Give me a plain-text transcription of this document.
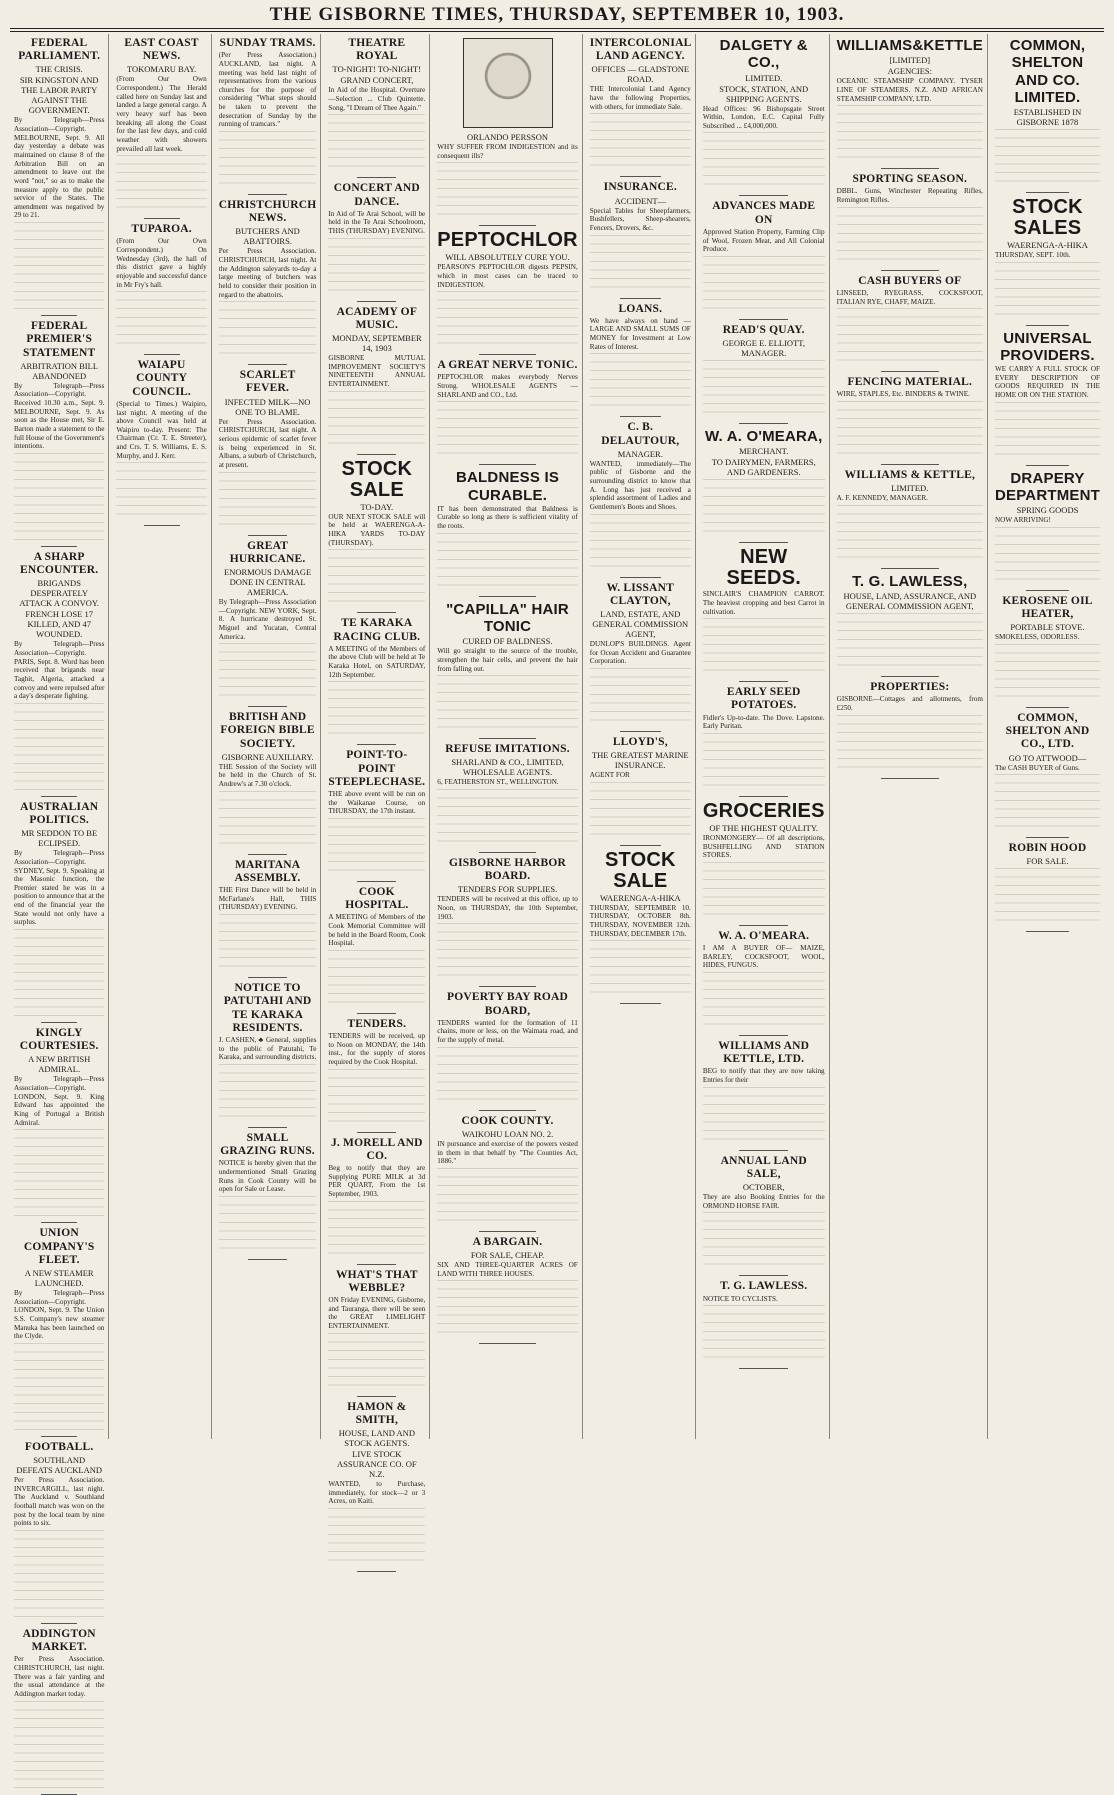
THE GISBORNE TIMES, THURSDAY, SEPTEMBER 10, 1903.
FEDERAL PARLIAMENT.
THE CRISIS.
SIR KINGSTON AND THE LABOR PARTY AGAINST THE GOVERNMENT.

By Telegraph—Press Association—Copyright. MELBOURNE, Sept. 9. All day yesterday a debate was maintained on clause 8 of the Arbitration Bill on an amendment to leave out the word "not," so as to make the measure apply to the public service of the States. The amendment was negatived by 29 to 21.

FEDERAL PREMIER'S STATEMENT
ARBITRATION BILL ABANDONED

By Telegraph—Press Association—Copyright. Received 10.30 a.m., Sept. 9. MELBOURNE, Sept. 9. As soon as the House met, Sir E. Barton made a statement to the full House of the Government's intentions.

A SHARP ENCOUNTER.
BRIGANDS DESPERATELY ATTACK A CONVOY.
FRENCH LOSE 17 KILLED, AND 47 WOUNDED.

By Telegraph—Press Association—Copyright. PARIS, Sept. 8. Word has been received that brigands near Taghit, Algeria, attacked a convoy and were repulsed after a day's desperate fighting.

AUSTRALIAN POLITICS.
MR SEDDON TO BE ECLIPSED.

By Telegraph—Press Association—Copyright. SYDNEY, Sept. 9. Speaking at the Masonic function, the Premier stated he was in a position to announce that at the end of the financial year the State would not only have a surplus.

KINGLY COURTESIES.
A NEW BRITISH ADMIRAL.

By Telegraph—Press Association—Copyright. LONDON, Sept. 9. King Edward has appointed the King of Portugal a British Admiral.

UNION COMPANY'S FLEET.
A NEW STEAMER LAUNCHED.

By Telegraph—Press Association—Copyright. LONDON, Sept. 9. The Union S.S. Company's new steamer Manuka has been launched on the Clyde.

FOOTBALL.
SOUTHLAND DEFEATS AUCKLAND

Per Press Association. INVERCARGILL, last night. The Auckland v. Southland football match was won on the post by the local team by nine points to six.

ADDINGTON MARKET.

Per Press Association. CHRISTCHURCH, last night. There was a fair yarding and the usual attendance at the Addington market today.

EAST COAST NEWS.
TOKOMARU BAY.

(From Our Own Correspondent.) The Herald called here on Sunday last and landed a large general cargo. A very heavy surf has been breaking all along the Coast for the last few days, and cold weather with showers prevailed all last week.

TUPAROA.

(From Our Own Correspondent.) On Wednesday (3rd), the hall of this district gave a highly enjoyable and successful dance in Mr Fry's hall.

WAIAPU COUNTY COUNCIL.

(Special to Times.) Waipiro, last night. A meeting of the above Council was held at Waipiro to-day. Present: The Chairman (Cr. T. E. Streeter), and Crs. T. S. Williams, E. S. Murphy, and J. Kerr.

SUNDAY TRAMS.

(Per Press Association.) AUCKLAND, last night. A meeting was held last night of representatives from the various churches for the purpose of considering "What steps should be taken to prevent the desecration of Sunday by the running of tramcars."

CHRISTCHURCH NEWS.
BUTCHERS AND ABATTOIRS.

Per Press Association. CHRISTCHURCH, last night. At the Addington saleyards to-day a large meeting of butchers was held to consider their position in regard to the abattoirs.

SCARLET FEVER.
INFECTED MILK—NO ONE TO BLAME.

Per Press Association. CHRISTCHURCH, last night. A serious epidemic of scarlet fever is being experienced in St. Albans, a suburb of Christchurch, at present.

GREAT HURRICANE.
ENORMOUS DAMAGE DONE IN CENTRAL AMERICA.

By Telegraph—Press Association—Copyright. NEW YORK, Sept. 8. A hurricane destroyed St. Miguel and Yucatan, Central America.

BRITISH AND FOREIGN BIBLE SOCIETY.
GISBORNE AUXILIARY.

THE Session of the Society will be held in the Church of St. Andrew's at 7.30 o'clock.

MARITANA ASSEMBLY.

THE First Dance will be held in McFarlane's Hall, THIS (THURSDAY) EVENING.

NOTICE TO PATUTAHI AND TE KARAKA RESIDENTS.

J. CASHEN, ♣ General, supplies to the public of Patutahi, Te Karaka, and surrounding districts.

SMALL GRAZING RUNS.

NOTICE is hereby given that the undermentioned Small Grazing Runs in Cook County will be open for Sale or Lease.

THEATRE ROYAL
TO-NIGHT! TO-NIGHT!
GRAND CONCERT,

In Aid of the Hospital. Overture—Selection ... Club Quintette. Song, "I Dream of Thee Again."

CONCERT AND DANCE.

In Aid of Te Arai School, will be held in the Te Arai Schoolroom, THIS (THURSDAY) EVENING.

ACADEMY OF MUSIC.
MONDAY, SEPTEMBER 14, 1903

GISBORNE MUTUAL IMPROVEMENT SOCIETY'S NINETEENTH ANNUAL ENTERTAINMENT.

STOCK SALE
TO-DAY.

OUR NEXT STOCK SALE will be held at WAERENGA-A-HIKA YARDS TO-DAY (THURSDAY).

TE KARAKA RACING CLUB.

A MEETING of the Members of the above Club will be held at Te Karaka Hotel, on SATURDAY, 12th September.

POINT-TO-POINT STEEPLECHASE.

THE above event will be run on the Waikanae Course, on THURSDAY, the 17th instant.

COOK HOSPITAL.

A MEETING of Members of the Cook Memorial Committee will be held in the Board Room, Cook Hospital.

TENDERS.

TENDERS will be received, up to Noon on MONDAY, the 14th inst., for the supply of stores required by the Cook Hospital.

J. MORELL AND CO.

Beg to notify that they are Supplying PURE MILK at 3d PER QUART, From the 1st September, 1903.

WHAT'S THAT WEBBLE?

ON Friday EVENING, Gisborne, and Tauranga, there will be seen the GREAT LIMELIGHT ENTERTAINMENT.

HAMON & SMITH,
HOUSE, LAND AND STOCK AGENTS.
LIVE STOCK ASSURANCE CO. OF N.Z.

WANTED, to Purchase, immediately, for stock—2 or 3 Acres, on Kaiti.

ORLANDO PERSSON

WHY SUFFER FROM INDIGESTION and its consequent ills?

PEPTOCHLOR
WILL ABSOLUTELY CURE YOU.

PEARSON'S PEPTOCHLOR digests PEPSIN, which in most cases can be traced to INDIGESTION.

A GREAT NERVE TONIC.

PEPTOCHLOR makes everybody Nerves Strong. WHOLESALE AGENTS — SHARLAND and CO., Ltd.

BALDNESS IS CURABLE.

IT has been demonstrated that Baldness is Curable so long as there is sufficient vitality of the roots.

"CAPILLA" HAIR TONIC
CURED OF BALDNESS.

Will go straight to the source of the trouble, strengthen the hair cells, and prevent the hair from falling out.

REFUSE IMITATIONS.
SHARLAND & CO., LIMITED, WHOLESALE AGENTS.

6, FEATHERSTON ST., WELLINGTON.

GISBORNE HARBOR BOARD.
TENDERS FOR SUPPLIES.

TENDERS will be received at this office, up to Noon, on THURSDAY, the 10th September, 1903.

POVERTY BAY ROAD BOARD,

TENDERS wanted for the formation of 11 chains, more or less, on the Waimata road, and for the supply of metal.

COOK COUNTY.
WAIKOHU LOAN NO. 2.

IN pursuance and exercise of the powers vested in them in that behalf by "The Counties Act, 1886."

A BARGAIN.
FOR SALE, CHEAP.

SIX AND THREE-QUARTER ACRES OF LAND WITH THREE HOUSES.

INTERCOLONIAL LAND AGENCY.
OFFICES — GLADSTONE ROAD.

THE Intercolonial Land Agency have the following Properties, with others, for immediate Sale.

INSURANCE.
ACCIDENT—

Special Tables for Sheepfarmers, Bushfellers, Sheep-shearers, Fencers, Drovers, &c.

LOANS.

We have always on hand — LARGE AND SMALL SUMS OF MONEY for Investment at Low Rates of Interest.

C. B. DELAUTOUR,
MANAGER.

WANTED, immediately—The public of Gisborne and the surrounding district to know that A. Long has just received a splendid assortment of Ladies and Gentlemen's Boots and Shoes.

W. LISSANT CLAYTON,
LAND, ESTATE, AND GENERAL COMMISSION AGENT,

DUNLOP'S BUILDINGS. Agent for Ocean Accident and Guarantee Corporation.

LLOYD'S,
THE GREATEST MARINE INSURANCE.

AGENT FOR

STOCK SALE
WAERENGA-A-HIKA

THURSDAY, SEPTEMBER 10. THURSDAY, OCTOBER 8th. THURSDAY, NOVEMBER 12th. THURSDAY, DECEMBER 17th.

DALGETY & CO.,
LIMITED.
STOCK, STATION, AND SHIPPING AGENTS.

Head Offices: 96 Bishopsgate Street Within, London, E.C. Capital Fully Subscribed ... £4,000,000.

ADVANCES MADE ON

Approved Station Property, Farming Clip of Wool, Frozen Meat, and All Colonial Produce.

READ'S QUAY.
GEORGE E. ELLIOTT, MANAGER.
W. A. O'MEARA,
MERCHANT.
TO DAIRYMEN, FARMERS, AND GARDENERS.
NEW SEEDS.

SINCLAIR'S CHAMPION CARROT. The heaviest cropping and best Carrot in cultivation.

EARLY SEED POTATOES.

Fidler's Up-to-date. The Dove. Lapstone. Early Puritan.

GROCERIES
OF THE HIGHEST QUALITY.

IRONMONGERY— Of all descriptions, BUSHFELLING AND STATION STORES.

W. A. O'MEARA.

I AM A BUYER OF— MAIZE, BARLEY, COCKSFOOT, WOOL, HIDES, FUNGUS.

WILLIAMS AND KETTLE, LTD.

BEG to notify that they are now taking Entries for their

ANNUAL LAND SALE,
OCTOBER,

They are also Booking Entries for the ORMOND HORSE FAIR.

T. G. LAWLESS.

NOTICE TO CYCLISTS.

WILLIAMS&KETTLE
[LIMITED]
AGENCIES:

OCEANIC STEAMSHIP COMPANY. TYSER LINE OF STEAMERS. N.Z. AND AFRICAN STEAMSHIP COMPANY, LTD.

SPORTING SEASON.

DBBL. Guns, Winchester Repeating Rifles, Remington Rifles.

CASH BUYERS OF

LINSEED, RYEGRASS, COCKSFOOT, ITALIAN RYE, CHAFF, MAIZE.

FENCING MATERIAL.

WIRE, STAPLES, Etc. BINDERS & TWINE.

WILLIAMS & KETTLE,
LIMITED.

A. F. KENNEDY, MANAGER.

T. G. LAWLESS,
HOUSE, LAND, ASSURANCE, AND GENERAL COMMISSION AGENT,
PROPERTIES:

GISBORNE—Cottages and allotments, from £250.

COMMON, SHELTON AND CO. LIMITED.
ESTABLISHED IN GISBORNE 1878
STOCK SALES
WAERENGA-A-HIKA

THURSDAY, SEPT. 10th.

UNIVERSAL PROVIDERS.

WE CARRY A FULL STOCK OF EVERY DESCRIPTION OF GOODS REQUIRED IN THE HOME OR ON THE STATION.

DRAPERY DEPARTMENT
SPRING GOODS

NOW ARRIVING!

KEROSENE OIL HEATER,
PORTABLE STOVE.

SMOKELESS, ODORLESS.

COMMON, SHELTON AND CO., LTD.
GO TO ATTWOOD—

The CASH BUYER of Guns.

ROBIN HOOD
FOR SALE.
